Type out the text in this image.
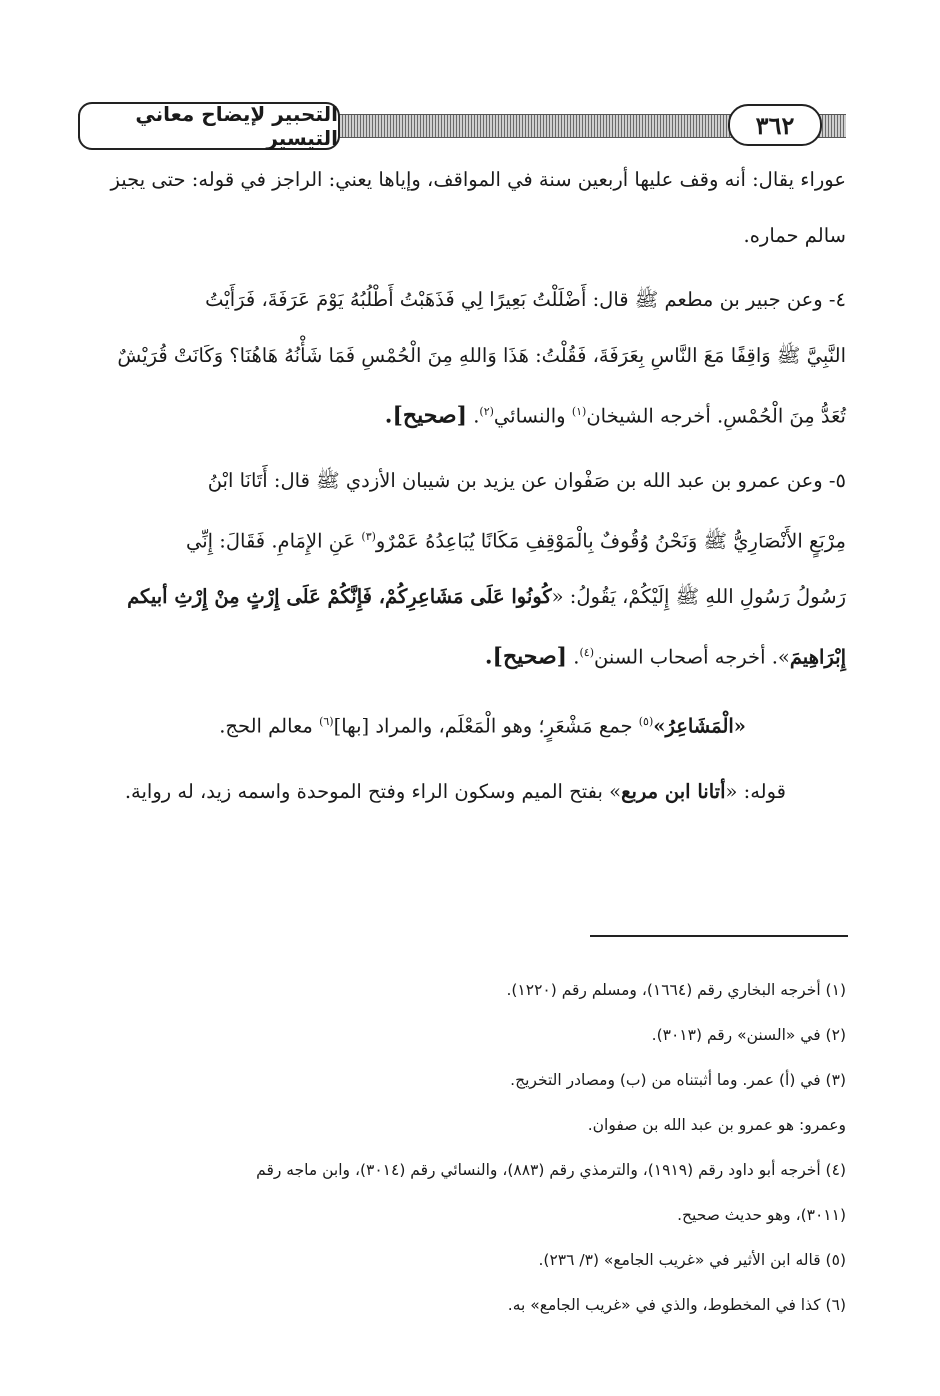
التحبير لإيضاح معاني التيسير	٣٦٢

عوراء يقال: أنه وقف عليها أربعين سنة في المواقف، وإياها يعني: الراجز في قوله: حتى يجيز

سالم حماره.

٤- وعن جبير بن مطعم ﷺ قال: أَضْلَلْتُ بَعِيرًا لِي فَذَهَبْتُ أَطْلُبُهُ يَوْمَ عَرَفَةَ، فَرَأَيْتُ

النَّبِيَّ ﷺ وَاقِفًا مَعَ النَّاسِ بِعَرَفَةَ، فَقُلْتُ: هَذَا وَاللهِ مِنَ الْحُمْسِ فَمَا شَأْنُهُ هَاهُنَا؟ وَكَانَتْ قُرَيْشٌ

تُعَدُّ مِنَ الْحُمْسِ. أخرجه الشيخان$^{(١)}$ والنسائي$^{(٢)}$. [صحيح].

٥- وعن عمرو بن عبد الله بن صَفْوان عن يزيد بن شيبان الأزدي ﷺ قال: أَتَانَا ابْنُ

مِرْبَعٍ الأَنْصَارِيُّ ﷺ وَنَحْنُ وُقُوفٌ بِالْمَوْقِفِ مَكَانًا يُبَاعِدُهُ عَمْرٌو$^{(٣)}$ عَنِ الإِمَامِ. فَقَالَ: إِنِّي

رَسُولُ رَسُولِ اللهِ ﷺ إِلَيْكُمْ، يَقُولُ: «كُونُوا عَلَى مَشَاعِرِكُمْ، فَإِنَّكُمْ عَلَى إِرْثٍ مِنْ إِرْثِ أبيكم

إِبْرَاهِيمَ». أخرجه أصحاب السنن$^{(٤)}$. [صحيح].

«الْمَشَاعِرُ»$^{(٥)}$ جمع مَشْعَرٍ؛ وهو الْمَعْلَم، والمراد [بها]$^{(٦)}$ معالم الحج.

قوله: «أتانا ابن مربع» بفتح الميم وسكون الراء وفتح الموحدة واسمه زيد، له رواية.

(١) أخرجه البخاري رقم (١٦٦٤)، ومسلم رقم (١٢٢٠).

(٢) في «السنن» رقم (٣٠١٣).

(٣) في (أ) عمر. وما أثبتناه من (ب) ومصادر التخريج.

وعمرو: هو عمرو بن عبد الله بن صفوان.

(٤) أخرجه أبو داود رقم (١٩١٩)، والترمذي رقم (٨٨٣)، والنسائي رقم (٣٠١٤)، وابن ماجه رقم

(٣٠١١)، وهو حديث صحيح.

(٥) قاله ابن الأثير في «غريب الجامع» (٣/ ٢٣٦).

(٦) كذا في المخطوط، والذي في «غريب الجامع» به.
